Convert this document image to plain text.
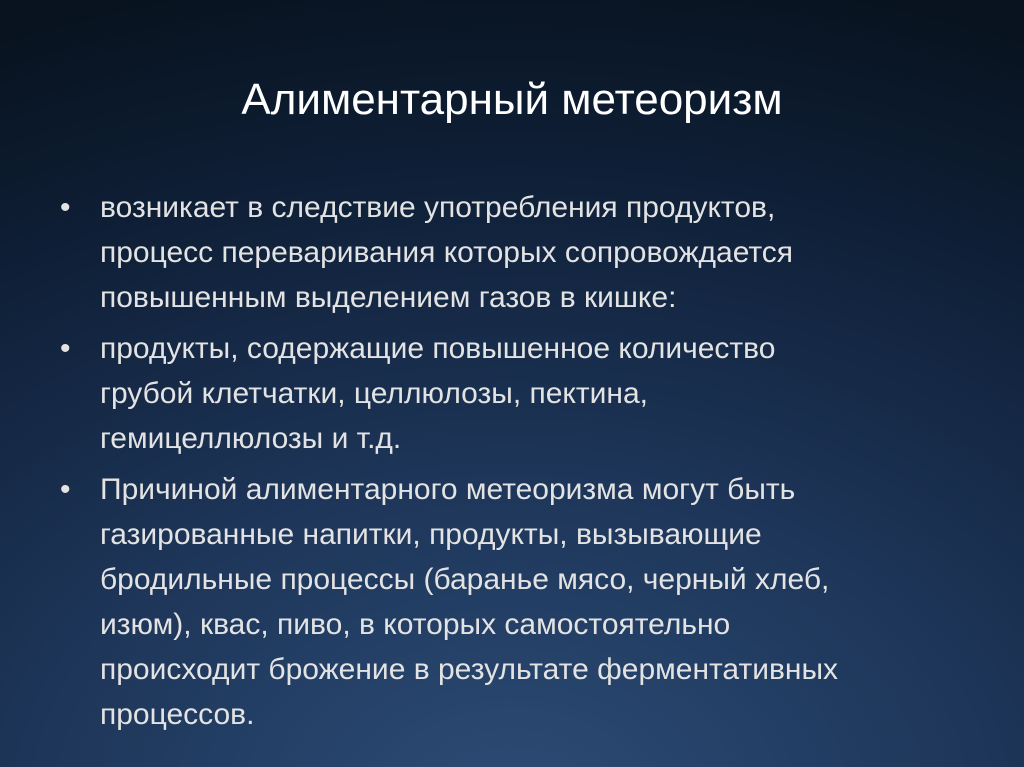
Алиментарный метеоризм
• возникает в следствие употребления продуктов,
процесс переваривания которых сопровождается
повышенным выделением газов в кишке:
• продукты, содержащие повышенное количество
грубой клетчатки, целлюлозы, пектина,
гемицеллюлозы и т.д.
• Причиной алиментарного метеоризма могут быть
газированные напитки, продукты, вызывающие
бродильные процессы (баранье мясо, черный хлеб,
изюм), квас, пиво, в которых самостоятельно
происходит брожение в результате ферментативных
процессов.
